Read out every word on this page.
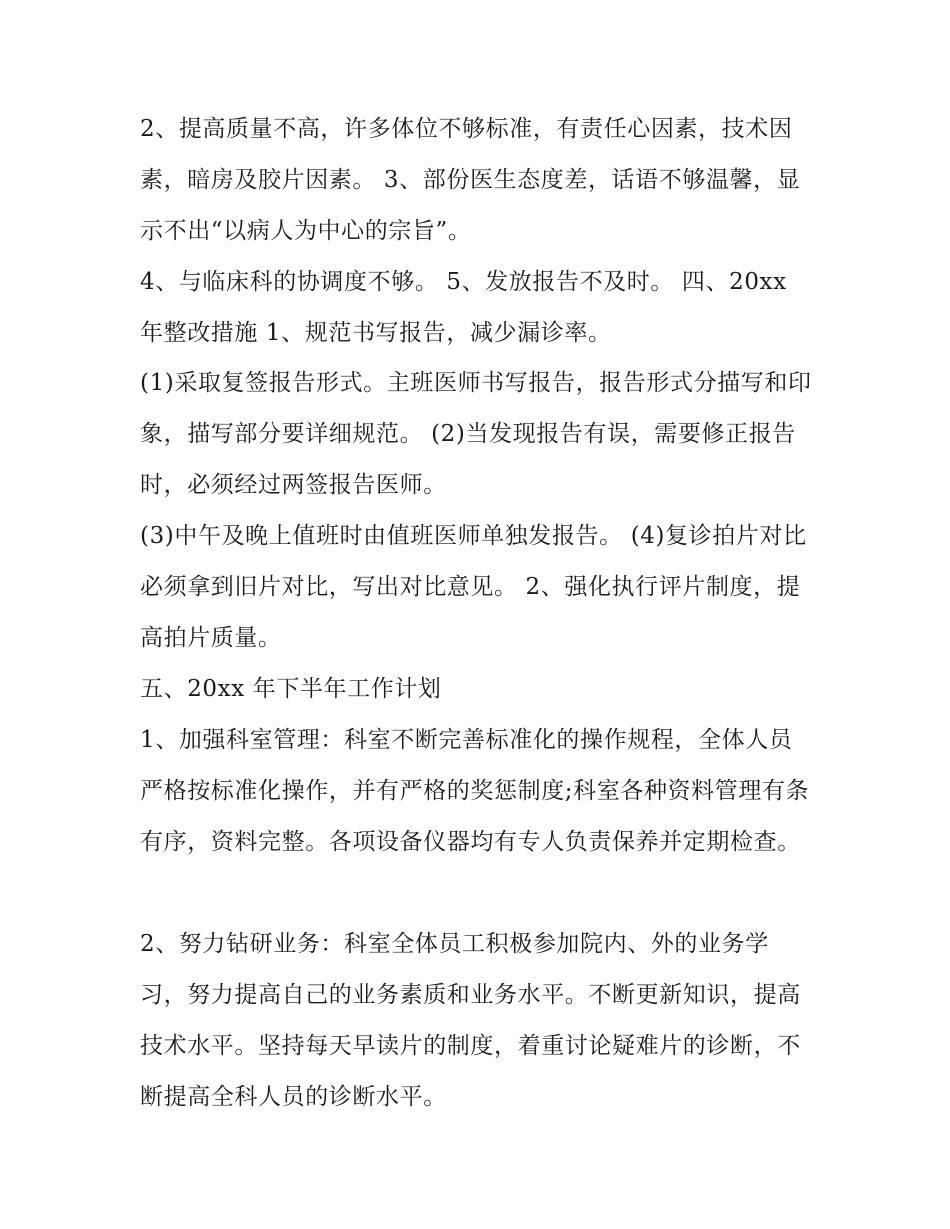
2、提高质量不高，许多体位不够标准，有责任心因素，技术因素，暗房及胶片因素。 3、部份医生态度差，话语不够温馨，显示不出“以病人为中心的宗旨”。

4、与临床科的协调度不够。 5、发放报告不及时。 四、20xx 年整改措施 1、规范书写报告，减少漏诊率。

(1)采取复签报告形式。主班医师书写报告，报告形式分描写和印象，描写部分要详细规范。 (2)当发现报告有误，需要修正报告时，必须经过两签报告医师。

(3)中午及晚上值班时由值班医师单独发报告。 (4)复诊拍片对比必须拿到旧片对比，写出对比意见。 2、强化执行评片制度，提高拍片质量。

五、20xx 年下半年工作计划

1、加强科室管理：科室不断完善标准化的操作规程，全体人员严格按标准化操作，并有严格的奖惩制度;科室各种资料管理有条有序，资料完整。各项设备仪器均有专人负责保养并定期检查。

2、努力钻研业务：科室全体员工积极参加院内、外的业务学习，努力提高自己的业务素质和业务水平。不断更新知识，提高技术水平。坚持每天早读片的制度，着重讨论疑难片的诊断，不断提高全科人员的诊断水平。
